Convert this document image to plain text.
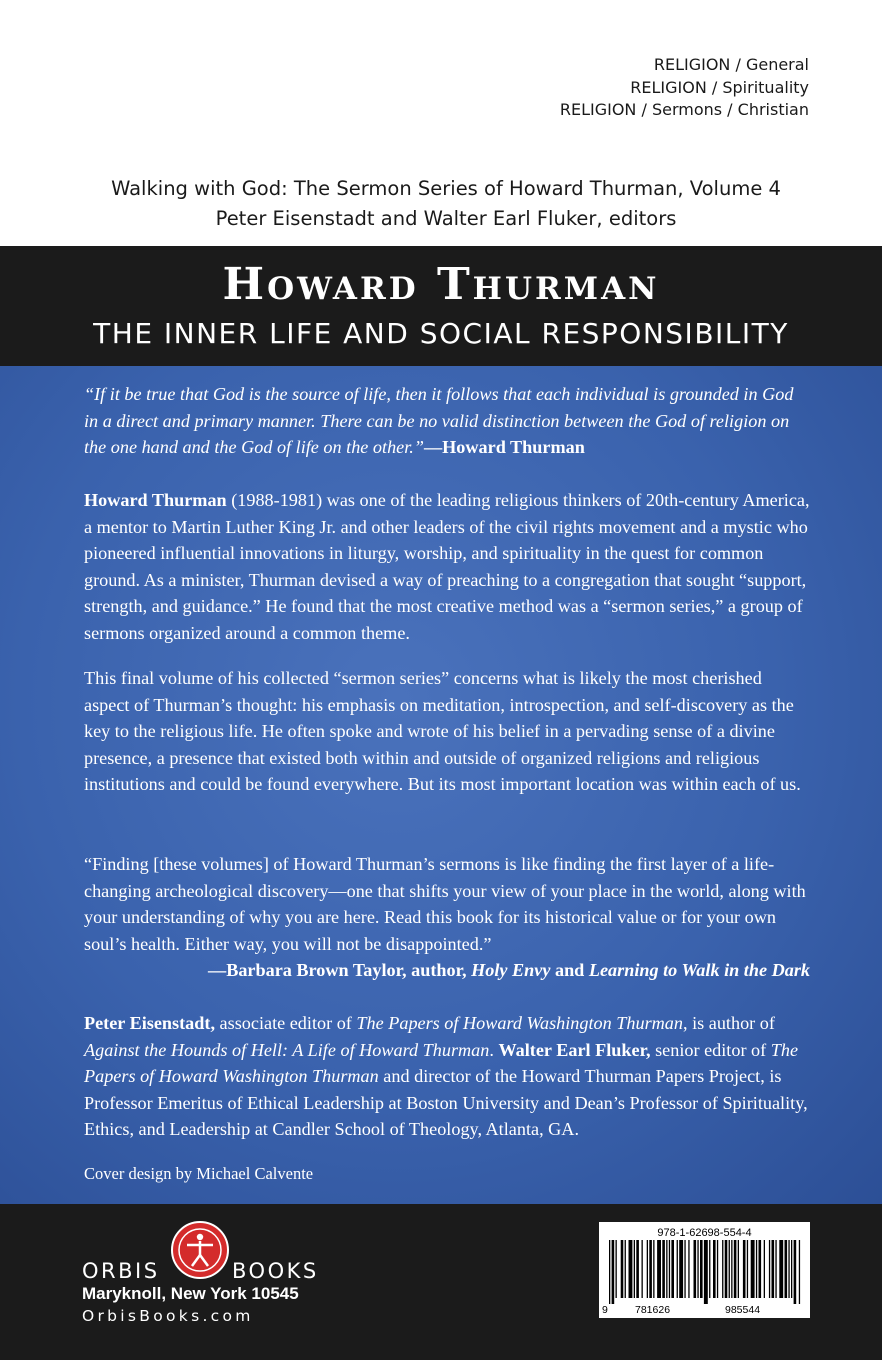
RELIGION / General
RELIGION / Spirituality
RELIGION / Sermons / Christian
Walking with God: The Sermon Series of Howard Thurman, Volume 4
Peter Eisenstadt and Walter Earl Fluker, editors
Howard Thurman
THE INNER LIFE AND SOCIAL RESPONSIBILITY

“If it be true that God is the source of life, then it follows that each individual is grounded in God in a direct and primary manner. There can be no valid distinction between the God of religion on the one hand and the God of life on the other.”—Howard Thurman

Howard Thurman (1988-1981) was one of the leading religious thinkers of 20th-century America, a mentor to Martin Luther King Jr. and other leaders of the civil rights movement and a mystic who pioneered influential innovations in liturgy, worship, and spirituality in the quest for common ground. As a minister, Thurman devised a way of preaching to a congregation that sought “support, strength, and guidance.” He found that the most creative method was a “sermon series,” a group of sermons organized around a common theme.

This final volume of his collected “sermon series” concerns what is likely the most cherished aspect of Thurman’s thought: his emphasis on meditation, introspection, and self-discovery as the key to the religious life. He often spoke and wrote of his belief in a pervading sense of a divine presence, a presence that existed both within and outside of organized religions and religious institutions and could be found everywhere. But its most important location was within each of us.

“Finding [these volumes] of Howard Thurman’s sermons is like finding the first layer of a life-changing archeological discovery—one that shifts your view of your place in the world, along with your understanding of why you are here. Read this book for its historical value or for your own soul’s health. Either way, you will not be disappointed.”
—Barbara Brown Taylor, author, Holy Envy and Learning to Walk in the Dark

Peter Eisenstadt, associate editor of The Papers of Howard Washington Thurman, is author of Against the Hounds of Hell: A Life of Howard Thurman. Walter Earl Fluker, senior editor of The Papers of Howard Washington Thurman and director of the Howard Thurman Papers Project, is Professor Emeritus of Ethical Leadership at Boston University and Dean’s Professor of Spirituality, Ethics, and Leadership at Candler School of Theology, Atlanta, GA.

Cover design by Michael Calvente

ORBIS	BOOKS
Maryknoll, New York 10545
OrbisBooks.com
978-1-62698-554-4
9	781626	985544
